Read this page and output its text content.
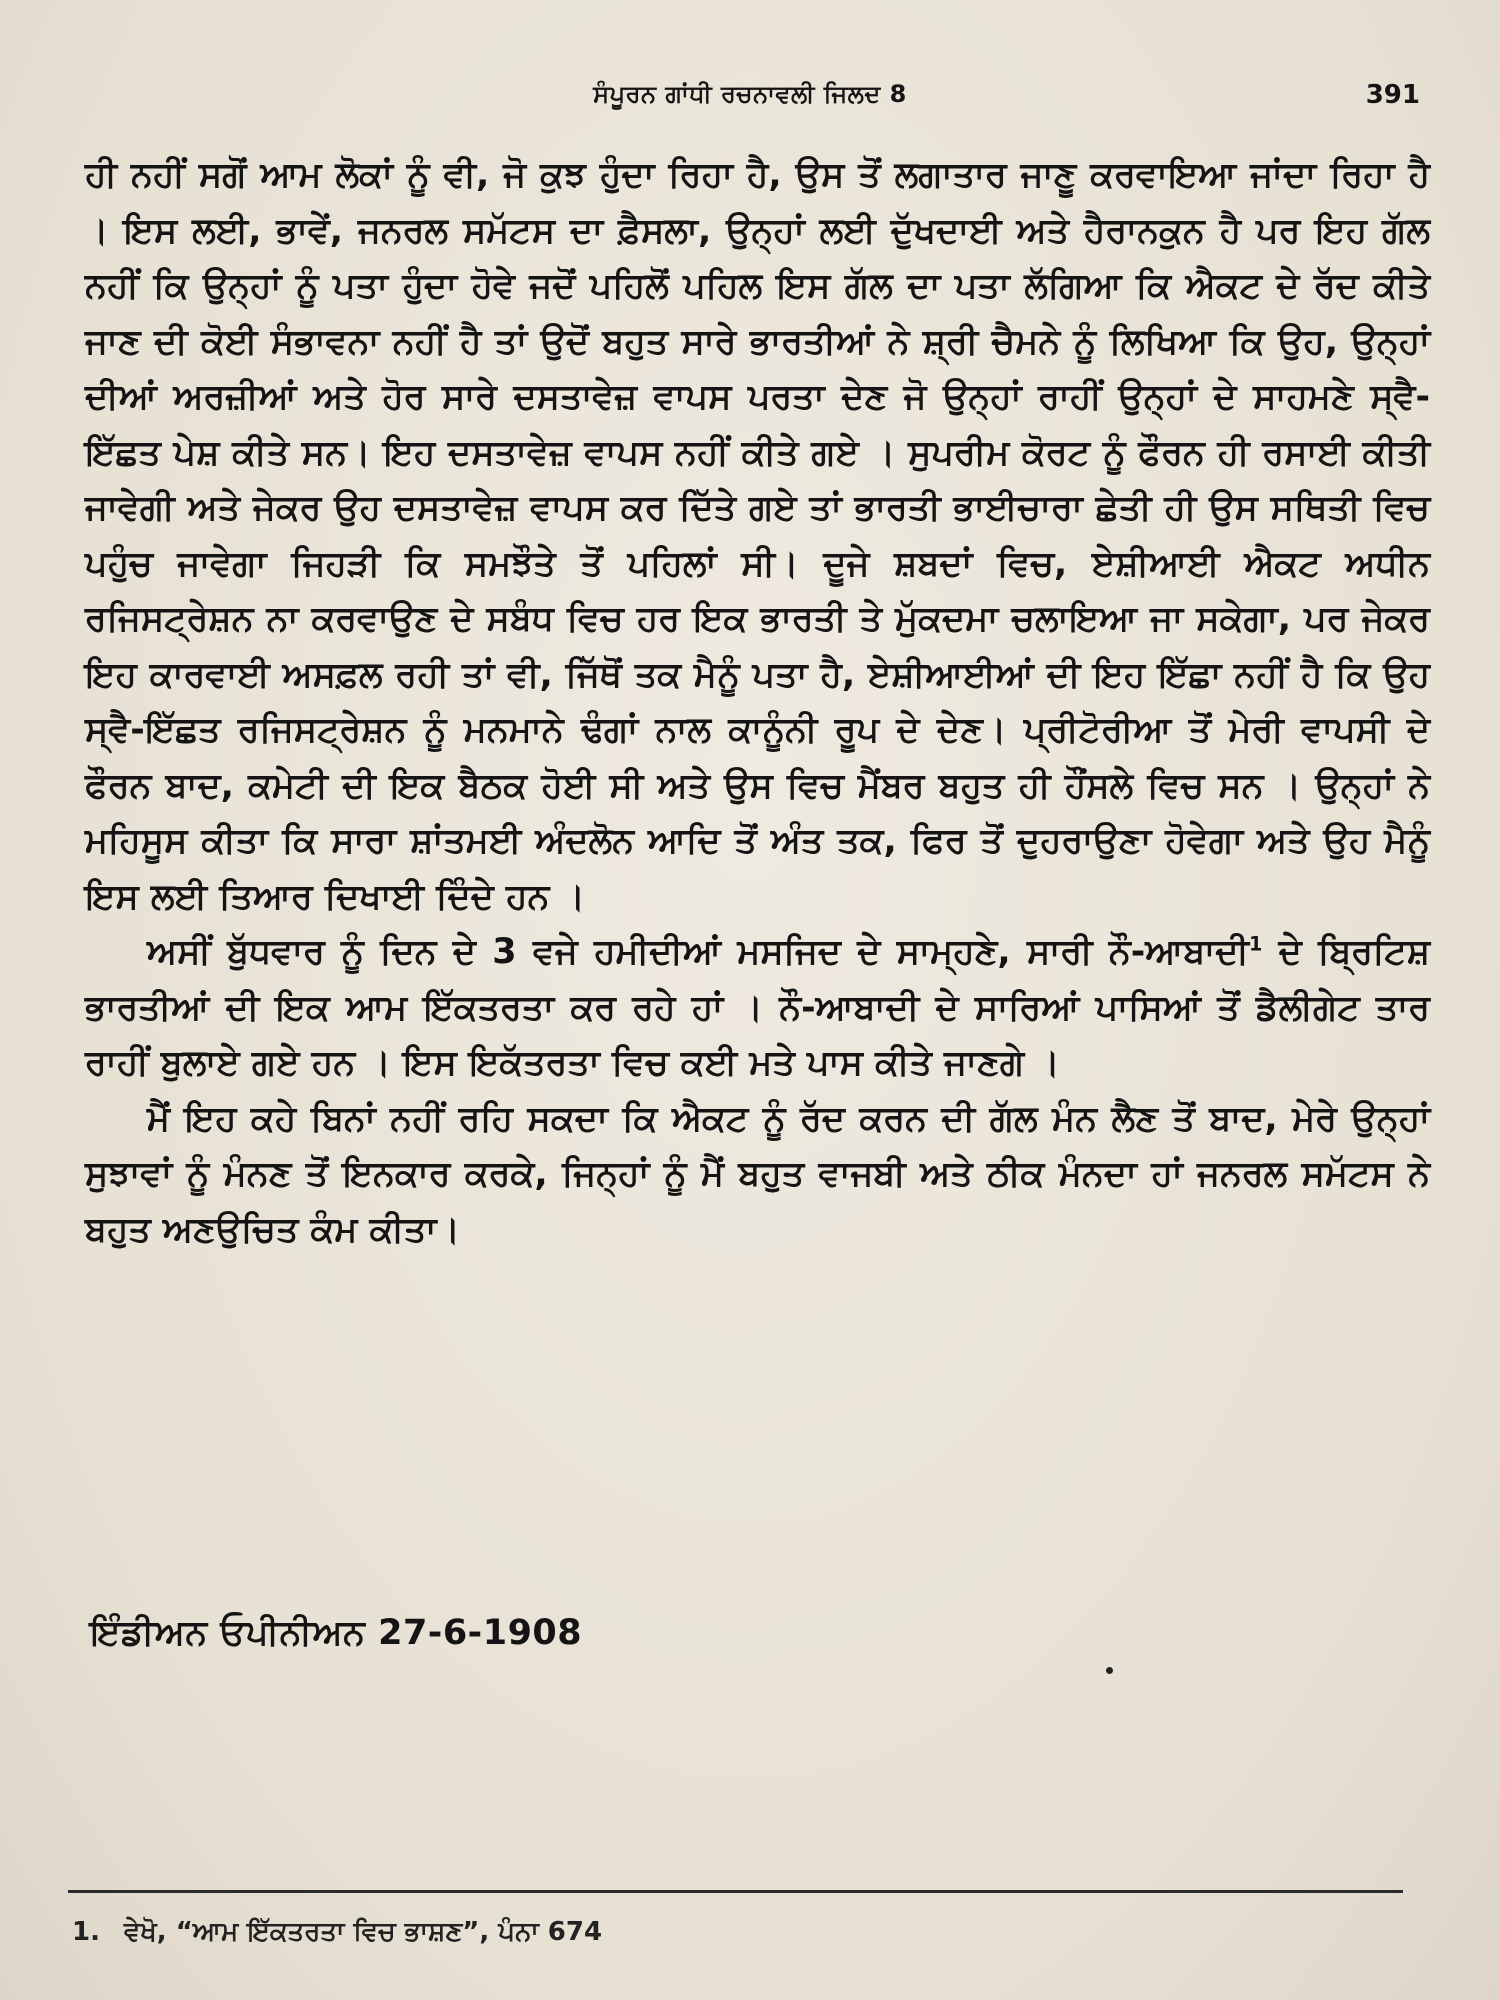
ਸੰਪੂਰਨ ਗਾਂਧੀ ਰਚਨਾਵਲੀ ਜਿਲਦ 8	391

ਹੀ ਨਹੀਂ ਸਗੋਂ ਆਮ ਲੋਕਾਂ ਨੂੰ ਵੀ, ਜੋ ਕੁਝ ਹੁੰਦਾ ਰਿਹਾ ਹੈ, ਉਸ ਤੋਂ ਲਗਾਤਾਰ ਜਾਣੂ ਕਰਵਾਇਆ ਜਾਂਦਾ ਰਿਹਾ ਹੈ । ਇਸ ਲਈ, ਭਾਵੇਂ, ਜਨਰਲ ਸਮੱਟਸ ਦਾ ਫ਼ੈਸਲਾ, ਉਨ੍ਹਾਂ ਲਈ ਦੁੱਖਦਾਈ ਅਤੇ ਹੈਰਾਨਕੁਨ ਹੈ ਪਰ ਇਹ ਗੱਲ ਨਹੀਂ ਕਿ ਉਨ੍ਹਾਂ ਨੂੰ ਪਤਾ ਹੁੰਦਾ ਹੋਵੇ ਜਦੋਂ ਪਹਿਲੋਂ ਪਹਿਲ ਇਸ ਗੱਲ ਦਾ ਪਤਾ ਲੱਗਿਆ ਕਿ ਐਕਟ ਦੇ ਰੱਦ ਕੀਤੇ ਜਾਣ ਦੀ ਕੋਈ ਸੰਭਾਵਨਾ ਨਹੀਂ ਹੈ ਤਾਂ ਉਦੋਂ ਬਹੁਤ ਸਾਰੇ ਭਾਰਤੀਆਂ ਨੇ ਸ਼੍ਰੀ ਚੈਮਨੇ ਨੂੰ ਲਿਖਿਆ ਕਿ ਉਹ, ਉਨ੍ਹਾਂ ਦੀਆਂ ਅਰਜ਼ੀਆਂ ਅਤੇ ਹੋਰ ਸਾਰੇ ਦਸਤਾਵੇਜ਼ ਵਾਪਸ ਪਰਤਾ ਦੇਣ ਜੋ ਉਨ੍ਹਾਂ ਰਾਹੀਂ ਉਨ੍ਹਾਂ ਦੇ ਸਾਹਮਣੇ ਸ੍ਵੈ-ਇੱਛਤ ਪੇਸ਼ ਕੀਤੇ ਸਨ। ਇਹ ਦਸਤਾਵੇਜ਼ ਵਾਪਸ ਨਹੀਂ ਕੀਤੇ ਗਏ । ਸੁਪਰੀਮ ਕੋਰਟ ਨੂੰ ਫੌਰਨ ਹੀ ਰਸਾਈ ਕੀਤੀ ਜਾਵੇਗੀ ਅਤੇ ਜੇਕਰ ਉਹ ਦਸਤਾਵੇਜ਼ ਵਾਪਸ ਕਰ ਦਿੱਤੇ ਗਏ ਤਾਂ ਭਾਰਤੀ ਭਾਈਚਾਰਾ ਛੇਤੀ ਹੀ ਉਸ ਸਥਿਤੀ ਵਿਚ ਪਹੁੰਚ ਜਾਵੇਗਾ ਜਿਹੜੀ ਕਿ ਸਮਝੌਤੇ ਤੋਂ ਪਹਿਲਾਂ ਸੀ। ਦੂਜੇ ਸ਼ਬਦਾਂ ਵਿਚ, ਏਸ਼ੀਆਈ ਐਕਟ ਅਧੀਨ ਰਜਿਸਟ੍ਰੇਸ਼ਨ ਨਾ ਕਰਵਾਉਣ ਦੇ ਸਬੰਧ ਵਿਚ ਹਰ ਇਕ ਭਾਰਤੀ ਤੇ ਮੁੱਕਦਮਾ ਚਲਾਇਆ ਜਾ ਸਕੇਗਾ, ਪਰ ਜੇਕਰ ਇਹ ਕਾਰਵਾਈ ਅਸਫ਼ਲ ਰਹੀ ਤਾਂ ਵੀ, ਜਿੱਥੋਂ ਤਕ ਮੈਨੂੰ ਪਤਾ ਹੈ, ਏਸ਼ੀਆਈਆਂ ਦੀ ਇਹ ਇੱਛਾ ਨਹੀਂ ਹੈ ਕਿ ਉਹ ਸ੍ਵੈ-ਇੱਛਤ ਰਜਿਸਟ੍ਰੇਸ਼ਨ ਨੂੰ ਮਨਮਾਨੇ ਢੰਗਾਂ ਨਾਲ ਕਾਨੂੰਨੀ ਰੂਪ ਦੇ ਦੇਣ। ਪ੍ਰੀਟੋਰੀਆ ਤੋਂ ਮੇਰੀ ਵਾਪਸੀ ਦੇ ਫੌਰਨ ਬਾਦ, ਕਮੇਟੀ ਦੀ ਇਕ ਬੈਠਕ ਹੋਈ ਸੀ ਅਤੇ ਉਸ ਵਿਚ ਮੈਂਬਰ ਬਹੁਤ ਹੀ ਹੌਂਸਲੇ ਵਿਚ ਸਨ । ਉਨ੍ਹਾਂ ਨੇ ਮਹਿਸੂਸ ਕੀਤਾ ਕਿ ਸਾਰਾ ਸ਼ਾਂਤਮਈ ਅੰਦਲੋਨ ਆਦਿ ਤੋਂ ਅੰਤ ਤਕ, ਫਿਰ ਤੋਂ ਦੁਹਰਾਉਣਾ ਹੋਵੇਗਾ ਅਤੇ ਉਹ ਮੈਨੂੰ ਇਸ ਲਈ ਤਿਆਰ ਦਿਖਾਈ ਦਿੰਦੇ ਹਨ ।

ਅਸੀਂ ਬੁੱਧਵਾਰ ਨੂੰ ਦਿਨ ਦੇ 3 ਵਜੇ ਹਮੀਦੀਆਂ ਮਸਜਿਦ ਦੇ ਸਾਮ੍ਹਣੇ, ਸਾਰੀ ਨੌ-ਆਬਾਦੀ$^1$ ਦੇ ਬ੍ਰਿਟਿਸ਼ ਭਾਰਤੀਆਂ ਦੀ ਇਕ ਆਮ ਇੱਕਤਰਤਾ ਕਰ ਰਹੇ ਹਾਂ । ਨੌ-ਆਬਾਦੀ ਦੇ ਸਾਰਿਆਂ ਪਾਸਿਆਂ ਤੋਂ ਡੈਲੀਗੇਟ ਤਾਰ ਰਾਹੀਂ ਬੁਲਾਏ ਗਏ ਹਨ । ਇਸ ਇਕੱਤਰਤਾ ਵਿਚ ਕਈ ਮਤੇ ਪਾਸ ਕੀਤੇ ਜਾਣਗੇ ।

ਮੈਂ ਇਹ ਕਹੇ ਬਿਨਾਂ ਨਹੀਂ ਰਹਿ ਸਕਦਾ ਕਿ ਐਕਟ ਨੂੰ ਰੱਦ ਕਰਨ ਦੀ ਗੱਲ ਮੰਨ ਲੈਣ ਤੋਂ ਬਾਦ, ਮੇਰੇ ਉਨ੍ਹਾਂ ਸੁਝਾਵਾਂ ਨੂੰ ਮੰਨਣ ਤੋਂ ਇਨਕਾਰ ਕਰਕੇ, ਜਿਨ੍ਹਾਂ ਨੂੰ ਮੈਂ ਬਹੁਤ ਵਾਜਬੀ ਅਤੇ ਠੀਕ ਮੰਨਦਾ ਹਾਂ ਜਨਰਲ ਸਮੱਟਸ ਨੇ ਬਹੁਤ ਅਣਉਚਿਤ ਕੰਮ ਕੀਤਾ।

ਇੰਡੀਅਨ ਓਪੀਨੀਅਨ 27-6-1908
1. ਵੇਖੋ, “ਆਮ ਇੱਕਤਰਤਾ ਵਿਚ ਭਾਸ਼ਣ”, ਪੰਨਾ 674
